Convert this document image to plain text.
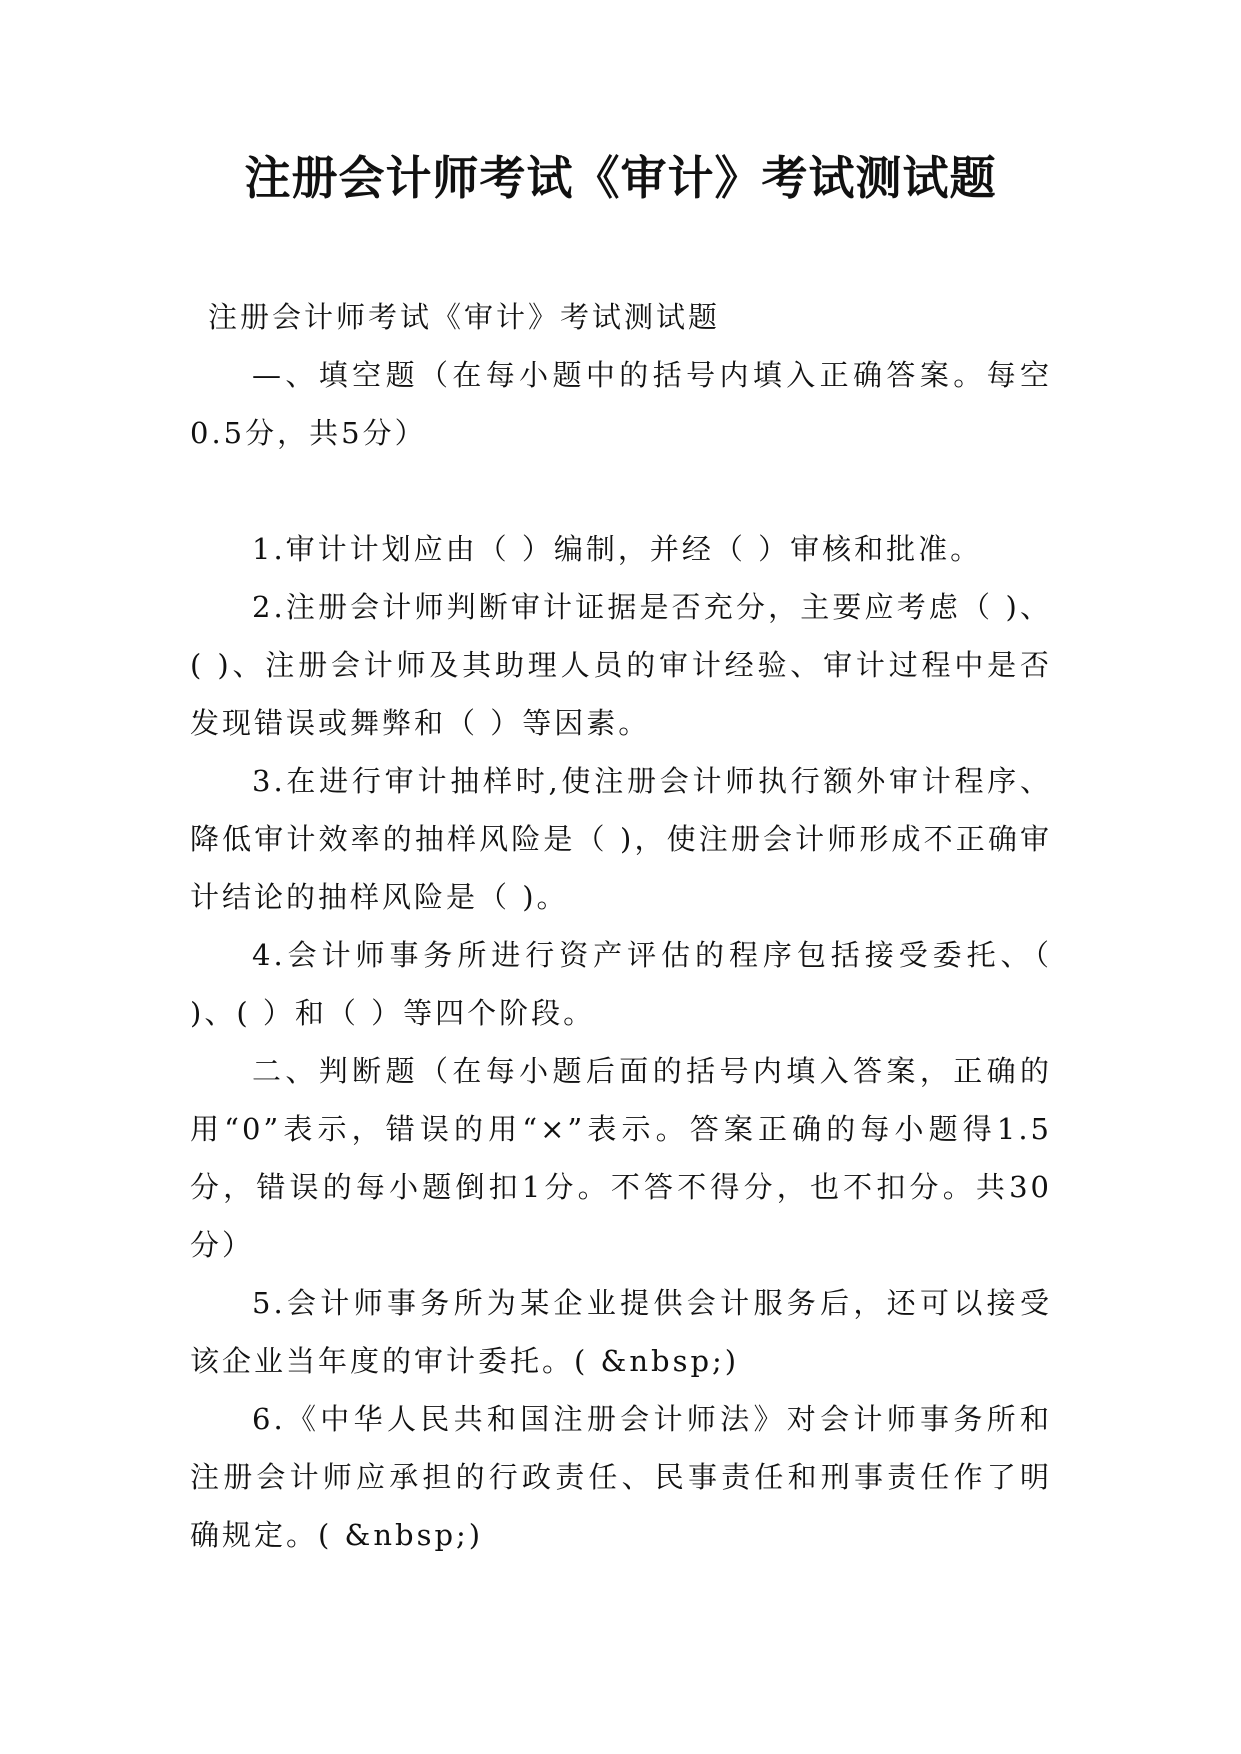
注册会计师考试《审计》考试测试题

注册会计师考试《审计》考试测试题

—、填空题（在每小题中的括号内填入正确答案。每空0.5分，共5分）

1.审计计划应由（ ）编制，并经（ ）审核和批准。

2.注册会计师判断审计证据是否充分，主要应考虑（ )、( )、注册会计师及其助理人员的审计经验、审计过程中是否发现错误或舞弊和（ ）等因素。

3.在进行审计抽样时,使注册会计师执行额外审计程序、降低审计效率的抽样风险是（ )，使注册会计师形成不正确审计结论的抽样风险是（ )。

4.会计师事务所进行资产评估的程序包括接受委托、（ )、( ）和（ ）等四个阶段。

二、判断题（在每小题后面的括号内填入答案，正确的用“0”表示，错误的用“×”表示。答案正确的每小题得1.5分，错误的每小题倒扣1分。不答不得分，也不扣分。共30分）

5.会计师事务所为某企业提供会计服务后，还可以接受该企业当年度的审计委托。( &nbsp;)

6.《中华人民共和国注册会计师法》对会计师事务所和注册会计师应承担的行政责任、民事责任和刑事责任作了明确规定。( &nbsp;)
